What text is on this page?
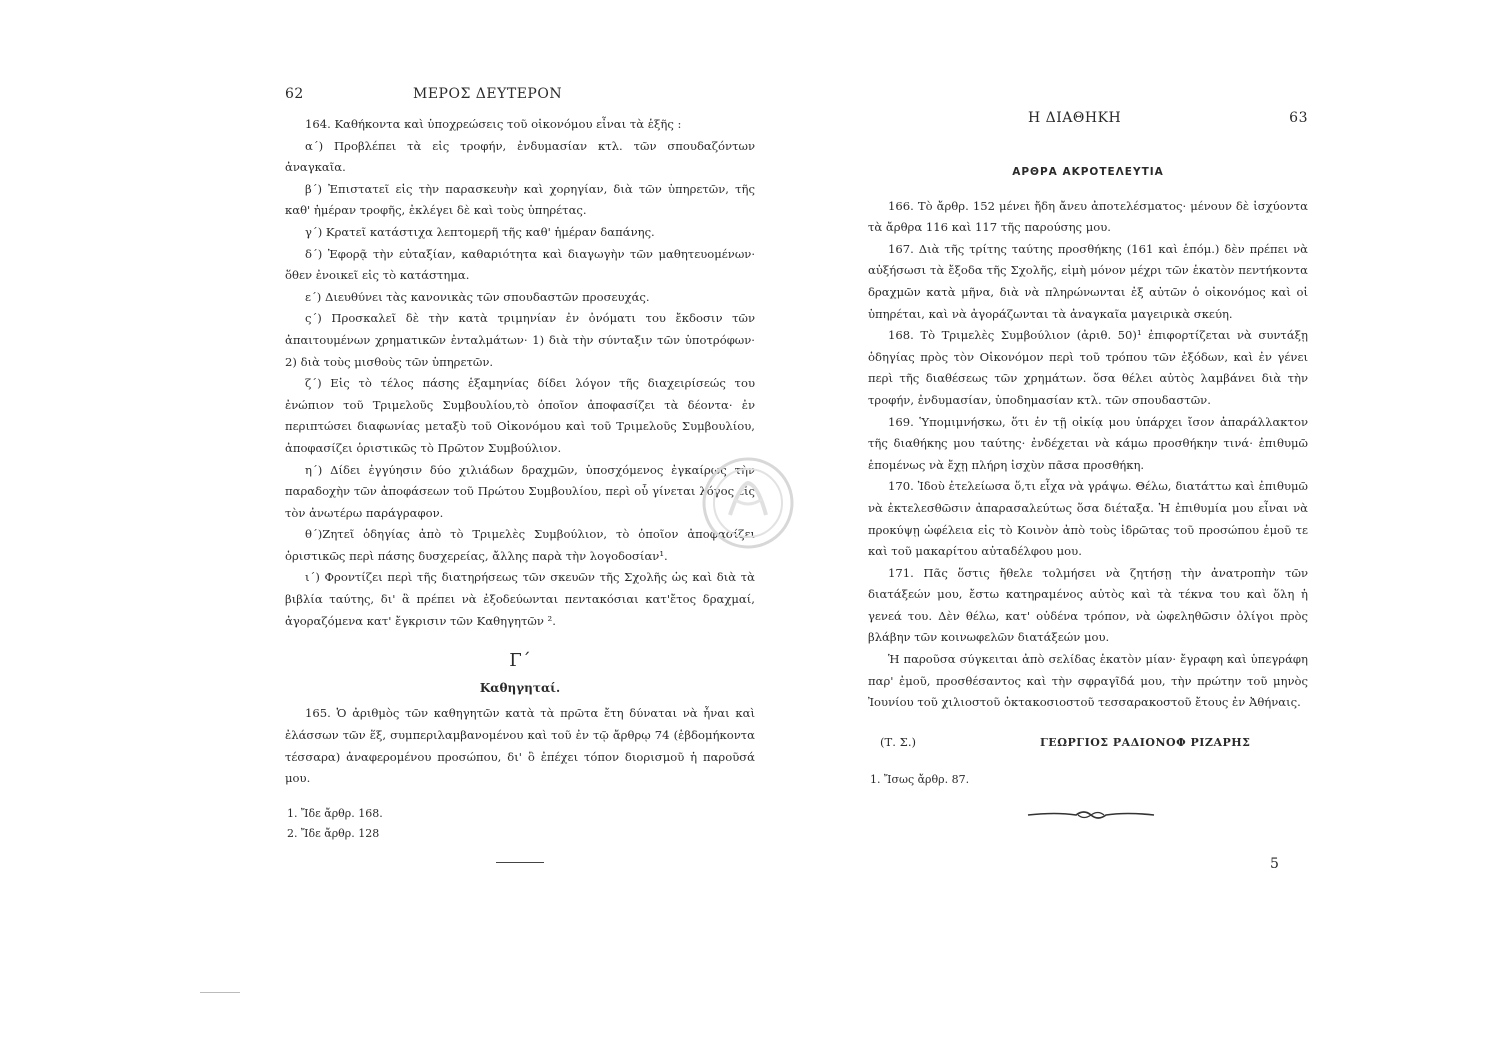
62	ΜΕΡΟΣ ΔΕΥΤΕΡΟΝ

164. Καθήκοντα καὶ ὑποχρεώσεις τοῦ οἰκονόμου εἶναι τὰ ἑξῆς :

α΄) Προβλέπει τὰ εἰς τροφήν, ἐνδυμασίαν κτλ. τῶν σπουδαζόντων ἀναγκαῖα.

β΄) Ἐπιστατεῖ εἰς τὴν παρασκευὴν καὶ χορηγίαν, διὰ τῶν ὑπηρετῶν, τῆς καθ' ἡμέραν τροφῆς, ἐκλέγει δὲ καὶ τοὺς ὑπηρέτας.

γ΄) Κρατεῖ κατάστιχα λεπτομερῆ τῆς καθ' ἡμέραν δαπάνης.

δ΄) Ἐφορᾷ τὴν εὐταξίαν, καθαριότητα καὶ διαγωγὴν τῶν μαθητευομένων· ὅθεν ἐνοικεῖ εἰς τὸ κατάστημα.

ε΄) Διευθύνει τὰς κανονικὰς τῶν σπουδαστῶν προσευχάς.

ς΄) Προσκαλεῖ δὲ τὴν κατὰ τριμηνίαν ἐν ὀνόματι του ἔκδοσιν τῶν ἀπαιτουμένων χρηματικῶν ἐνταλμάτων· 1) διὰ τὴν σύνταξιν τῶν ὑποτρόφων· 2) διὰ τοὺς μισθοὺς τῶν ὑπηρετῶν.

ζ΄) Εἰς τὸ τέλος πάσης ἑξαμηνίας δίδει λόγον τῆς διαχειρίσεώς του ἐνώπιον τοῦ Τριμελοῦς Συμβουλίου,τὸ ὁποῖον ἀποφασίζει τὰ δέοντα· ἐν περιπτώσει διαφωνίας μεταξὺ τοῦ Οἰκονόμου καὶ τοῦ Τριμελοῦς Συμβουλίου, ἀποφασίζει ὁριστικῶς τὸ Πρῶτον Συμβούλιον.

η΄) Δίδει ἐγγύησιν δύο χιλιάδων δραχμῶν, ὑποσχόμενος ἐγκαίρως τὴν παραδοχὴν τῶν ἀποφάσεων τοῦ Πρώτου Συμβουλίου, περὶ οὗ γίνεται λόγος εἰς τὸν ἀνωτέρω παράγραφον.

θ΄)Ζητεῖ ὁδηγίας ἀπὸ τὸ Τριμελὲς Συμβούλιον, τὸ ὁποῖον ἀποφασίζει ὁριστικῶς περὶ πάσης δυσχερείας, ἄλλης παρὰ τὴν λογοδοσίαν¹.

ι΄) Φροντίζει περὶ τῆς διατηρήσεως τῶν σκευῶν τῆς Σχολῆς ὡς καὶ διὰ τὰ βιβλία ταύτης, δι' ἃ πρέπει νὰ ἐξοδεύωνται πεντακόσιαι κατ'ἔτος δραχμαί, ἀγοραζόμενα κατ' ἔγκρισιν τῶν Καθηγητῶν ².

Γ΄
Καθηγηταί.

165. Ὁ ἀριθμὸς τῶν καθηγητῶν κατὰ τὰ πρῶτα ἔτη δύναται νὰ ἦναι καὶ ἐλάσσων τῶν ἕξ, συμπεριλαμβανομένου καὶ τοῦ ἐν τῷ ἄρθρῳ 74 (ἑβδομήκοντα τέσσαρα) ἀναφερομένου προσώπου, δι' ὃ ἐπέχει τόπον διορισμοῦ ἡ παροῦσά μου.

1. Ἴδε ἄρθρ. 168.
2. Ἴδε ἄρθρ. 128
Η ΔΙΑΘΗΚΗ	63
ΑΡΘΡΑ ΑΚΡΟΤΕΛΕΥΤΙΑ

166. Τὸ ἄρθρ. 152 μένει ἤδη ἄνευ ἀποτελέσματος· μένουν δὲ ἰσχύοντα τὰ ἄρθρα 116 καὶ 117 τῆς παρούσης μου.

167. Διὰ τῆς τρίτης ταύτης προσθήκης (161 καὶ ἑπόμ.) δὲν πρέπει νὰ αὐξήσωσι τὰ ἔξοδα τῆς Σχολῆς, εἰμὴ μόνον μέχρι τῶν ἑκατὸν πεντήκοντα δραχμῶν κατὰ μῆνα, διὰ νὰ πληρώνωνται ἐξ αὐτῶν ὁ οἰκονόμος καὶ οἱ ὑπηρέται, καὶ νὰ ἀγοράζωνται τὰ ἀναγκαῖα μαγειρικὰ σκεύη.

168. Τὸ Τριμελὲς Συμβούλιον (ἀριθ. 50)¹ ἐπιφορτίζεται νὰ συντάξῃ ὁδηγίας πρὸς τὸν Οἰκονόμον περὶ τοῦ τρόπου τῶν ἐξόδων, καὶ ἐν γένει περὶ τῆς διαθέσεως τῶν χρημάτων. ὅσα θέλει αὐτὸς λαμβάνει διὰ τὴν τροφήν, ἐνδυμασίαν, ὑποδημασίαν κτλ. τῶν σπουδαστῶν.

169. Ὑπομιμνήσκω, ὅτι ἐν τῇ οἰκίᾳ μου ὑπάρχει ἴσον ἀπαράλλακτον τῆς διαθήκης μου ταύτης· ἐνδέχεται νὰ κάμω προσθήκην τινά· ἐπιθυμῶ ἑπομένως νὰ ἔχῃ πλήρη ἰσχὺν πᾶσα προσθήκη.

170. Ἰδοὺ ἐτελείωσα ὅ,τι εἶχα νὰ γράψω. Θέλω, διατάττω καὶ ἐπιθυμῶ νὰ ἐκτελεσθῶσιν ἀπαρασαλεύτως ὅσα διέταξα. Ἡ ἐπιθυμία μου εἶναι νὰ προκύψῃ ὠφέλεια εἰς τὸ Κοινὸν ἀπὸ τοὺς ἱδρῶτας τοῦ προσώπου ἐμοῦ τε καὶ τοῦ μακαρίτου αὐταδέλφου μου.

171. Πᾶς ὅστις ἤθελε τολμήσει νὰ ζητήσῃ τὴν ἀνατροπὴν τῶν διατάξεών μου, ἔστω κατηραμένος αὐτὸς καὶ τὰ τέκνα του καὶ ὅλη ἡ γενεά του. Δὲν θέλω, κατ' οὐδένα τρόπον, νὰ ὠφεληθῶσιν ὀλίγοι πρὸς βλάβην τῶν κοινωφελῶν διατάξεών μου.

Ἡ παροῦσα σύγκειται ἀπὸ σελίδας ἑκατὸν μίαν· ἔγραφη καὶ ὑπεγράφη παρ' ἐμοῦ, προσθέσαντος καὶ τὴν σφραγῖδά μου, τὴν πρώτην τοῦ μηνὸς Ἰουνίου τοῦ χιλιοστοῦ ὀκτακοσιοστοῦ τεσσαρακοστοῦ ἔτους ἐν Ἀθήναις.

(Τ. Σ.)	ΓΕΩΡΓΙΟΣ ΡΑΔΙΟΝΟΦ ΡΙΖΑΡΗΣ
1. Ἴσως ἄρθρ. 87.
5
